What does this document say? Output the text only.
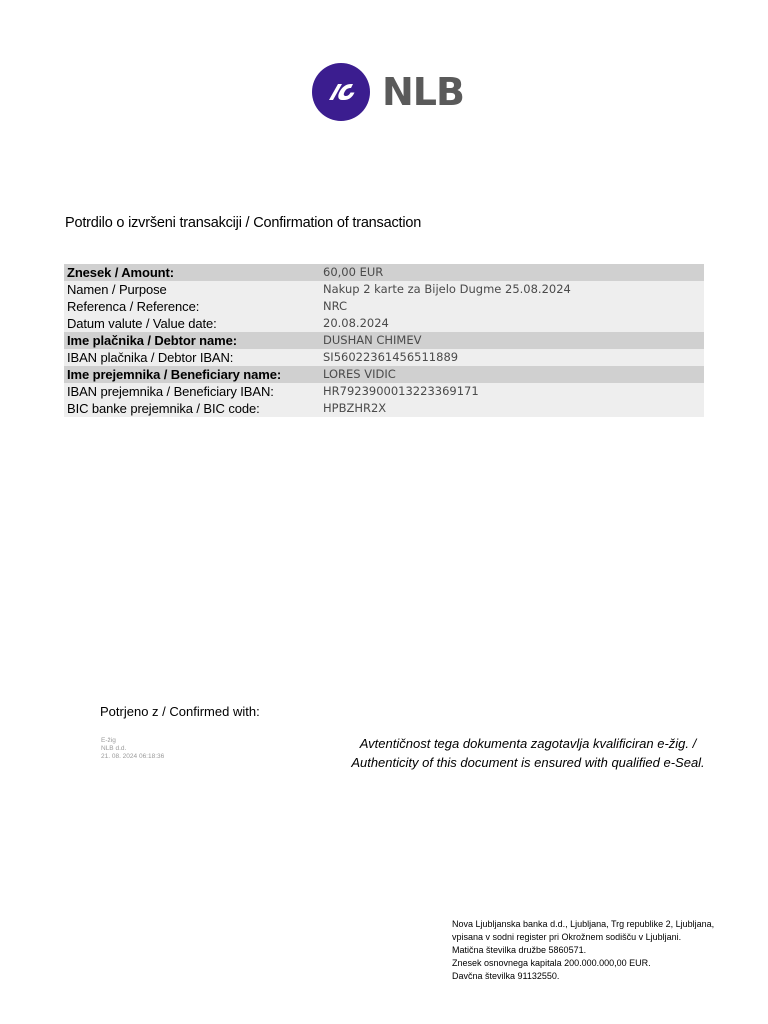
NLB
Potrdilo o izvršeni transakciji / Confirmation of transaction
Znesek / Amount:	60,00 EUR
Namen / Purpose	Nakup 2 karte za Bijelo Dugme 25.08.2024
Referenca / Reference:	NRC
Datum valute / Value date:	20.08.2024
Ime plačnika / Debtor name:	DUSHAN CHIMEV
IBAN plačnika / Debtor IBAN:	SI56022361456511889
Ime prejemnika / Beneficiary name:	LORES VIDIC
IBAN prejemnika / Beneficiary IBAN:	HR7923900013223369171
BIC banke prejemnika / BIC code:	HPBZHR2X
Potrjeno z / Confirmed with:
E-žig
NLB d.d.
21. 08. 2024 06:18:36
Avtentičnost tega dokumenta zagotavlja kvalificiran e-žig. /
Authenticity of this document is ensured with qualified e-Seal.
Nova Ljubljanska banka d.d., Ljubljana, Trg republike 2, Ljubljana,
vpisana v sodni register pri Okrožnem sodišču v Ljubljani.
Matična številka družbe 5860571.
Znesek osnovnega kapitala 200.000.000,00 EUR.
Davčna številka 91132550.
